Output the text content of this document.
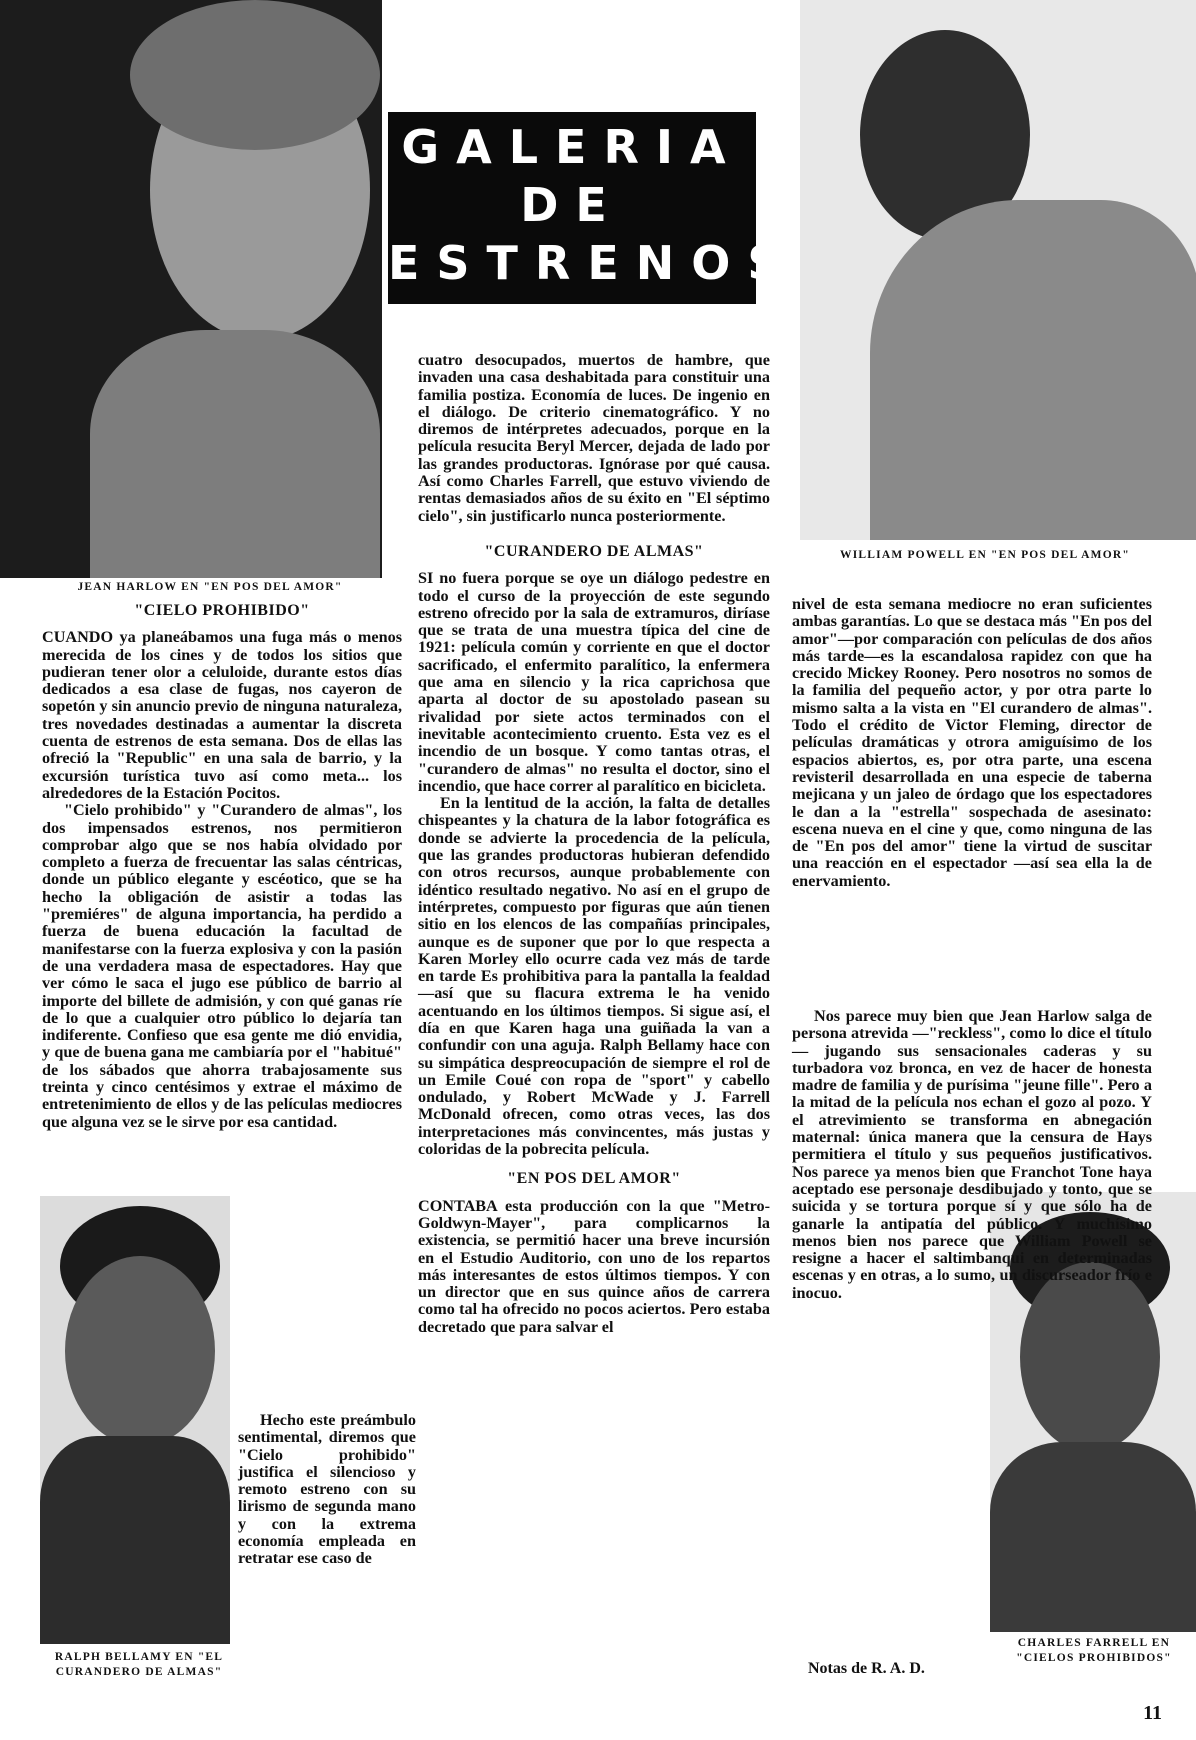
JEAN HARLOW EN "EN POS DEL AMOR"
GALERIA
DE
ESTRENOS
WILLIAM POWELL EN "EN POS DEL AMOR"
RALPH BELLAMY EN "EL CURANDERO DE ALMAS"
CHARLES FARRELL EN "CIELOS PROHIBIDOS"
"CIELO PROHIBIDO"

CUANDO ya planeábamos una fuga más o menos merecida de los cines y de todos los sitios que pudieran tener olor a celuloide, durante estos días dedicados a esa clase de fugas, nos cayeron de sopetón y sin anuncio previo de ninguna naturaleza, tres novedades destinadas a aumentar la discreta cuenta de estrenos de esta semana. Dos de ellas las ofreció la "Republic" en una sala de barrio, y la excursión turística tuvo así como meta... los alrededores de la Estación Pocitos.

"Cielo prohibido" y "Curandero de almas", los dos impensados estrenos, nos permitieron comprobar algo que se nos había olvidado por completo a fuerza de frecuentar las salas céntricas, donde un público elegante y escéotico, que se ha hecho la obligación de asistir a todas las "premiéres" de alguna importancia, ha perdido a fuerza de buena educación la facultad de manifestarse con la fuerza explosiva y con la pasión de una verdadera masa de espectadores. Hay que ver cómo le saca el jugo ese público de barrio al importe del billete de admisión, y con qué ganas ríe de lo que a cualquier otro público lo dejaría tan indiferente. Confieso que esa gente me dió envidia, y que de buena gana me cambiaría por el "habitué" de los sábados que ahorra trabajosamente sus treinta y cinco centésimos y extrae el máximo de entretenimiento de ellos y de las películas mediocres que alguna vez se le sirve por esa cantidad.

Hecho este preámbulo sentimental, diremos que "Cielo prohibido" justifica el silencioso y remoto estreno con su lirismo de segunda mano y con la extrema economía empleada en retratar ese caso de

cuatro desocupados, muertos de hambre, que invaden una casa deshabitada para constituir una familia postiza. Economía de luces. De ingenio en el diálogo. De criterio cinematográfico. Y no diremos de intérpretes adecuados, porque en la película resucita Beryl Mercer, dejada de lado por las grandes productoras. Ignórase por qué causa. Así como Charles Farrell, que estuvo viviendo de rentas demasiados años de su éxito en "El séptimo cielo", sin justificarlo nunca posteriormente.

"CURANDERO DE ALMAS"

SI no fuera porque se oye un diálogo pedestre en todo el curso de la proyección de este segundo estreno ofrecido por la sala de extramuros, diríase que se trata de una muestra típica del cine de 1921: película común y corriente en que el doctor sacrificado, el enfermito paralítico, la enfermera que ama en silencio y la rica caprichosa que aparta al doctor de su apostolado pasean su rivalidad por siete actos terminados con el inevitable acontecimiento cruento. Esta vez es el incendio de un bosque. Y como tantas otras, el "curandero de almas" no resulta el doctor, sino el incendio, que hace correr al paralítico en bicicleta.

En la lentitud de la acción, la falta de detalles chispeantes y la chatura de la labor fotográfica es donde se advierte la procedencia de la película, que las grandes productoras hubieran defendido con otros recursos, aunque probablemente con idéntico resultado negativo. No así en el grupo de intérpretes, compuesto por figuras que aún tienen sitio en los elencos de las compañías principales, aunque es de suponer que por lo que respecta a Karen Morley ello ocurre cada vez más de tarde en tarde Es prohibitiva para la pantalla la fealdad—así que su flacura extrema le ha venido acentuando en los últimos tiempos. Si sigue así, el día en que Karen haga una guiñada la van a confundir con una aguja. Ralph Bellamy hace con su simpática despreocupación de siempre el rol de un Emile Coué con ropa de "sport" y cabello ondulado, y Robert McWade y J. Farrell McDonald ofrecen, como otras veces, las dos interpretaciones más convincentes, más justas y coloridas de la pobrecita película.

"EN POS DEL AMOR"

CONTABA esta producción con la que "Metro-Goldwyn-Mayer", para complicarnos la existencia, se permitió hacer una breve incursión en el Estudio Auditorio, con uno de los repartos más interesantes de estos últimos tiempos. Y con un director que en sus quince años de carrera como tal ha ofrecido no pocos aciertos. Pero estaba decretado que para salvar el

nivel de esta semana mediocre no eran suficientes ambas garantías. Lo que se destaca más "En pos del amor"—por comparación con películas de dos años más tarde—es la escandalosa rapidez con que ha crecido Mickey Rooney. Pero nosotros no somos de la familia del pequeño actor, y por otra parte lo mismo salta a la vista en "El curandero de almas". Todo el crédito de Victor Fleming, director de películas dramáticas y otrora amiguísimo de los espacios abiertos, es, por otra parte, una escena revisteril desarrollada en una especie de taberna mejicana y un jaleo de órdago que los espectadores le dan a la "estrella" sospechada de asesinato: escena nueva en el cine y que, como ninguna de las de "En pos del amor" tiene la virtud de suscitar una reacción en el espectador —así sea ella la de enervamiento.

Nos parece muy bien que Jean Harlow salga de persona atrevida —"reckless", como lo dice el título— jugando sus sensacionales caderas y su turbadora voz bronca, en vez de hacer de honesta madre de familia y de purísima "jeune fille". Pero a la mitad de la película nos echan el gozo al pozo. Y el atrevimiento se transforma en abnegación maternal: única manera que la censura de Hays permitiera el título y sus pequeños justificativos. Nos parece ya menos bien que Franchot Tone haya aceptado ese personaje desdibujado y tonto, que se suicida y se tortura porque sí y que sólo ha de ganarle la antipatía del público. Y muchísimo menos bien nos parece que William Powell se resigne a hacer el saltimbanqui en determinadas escenas y en otras, a lo sumo, un discurseador frío e inocuo.

Notas de R. A. D.
11
